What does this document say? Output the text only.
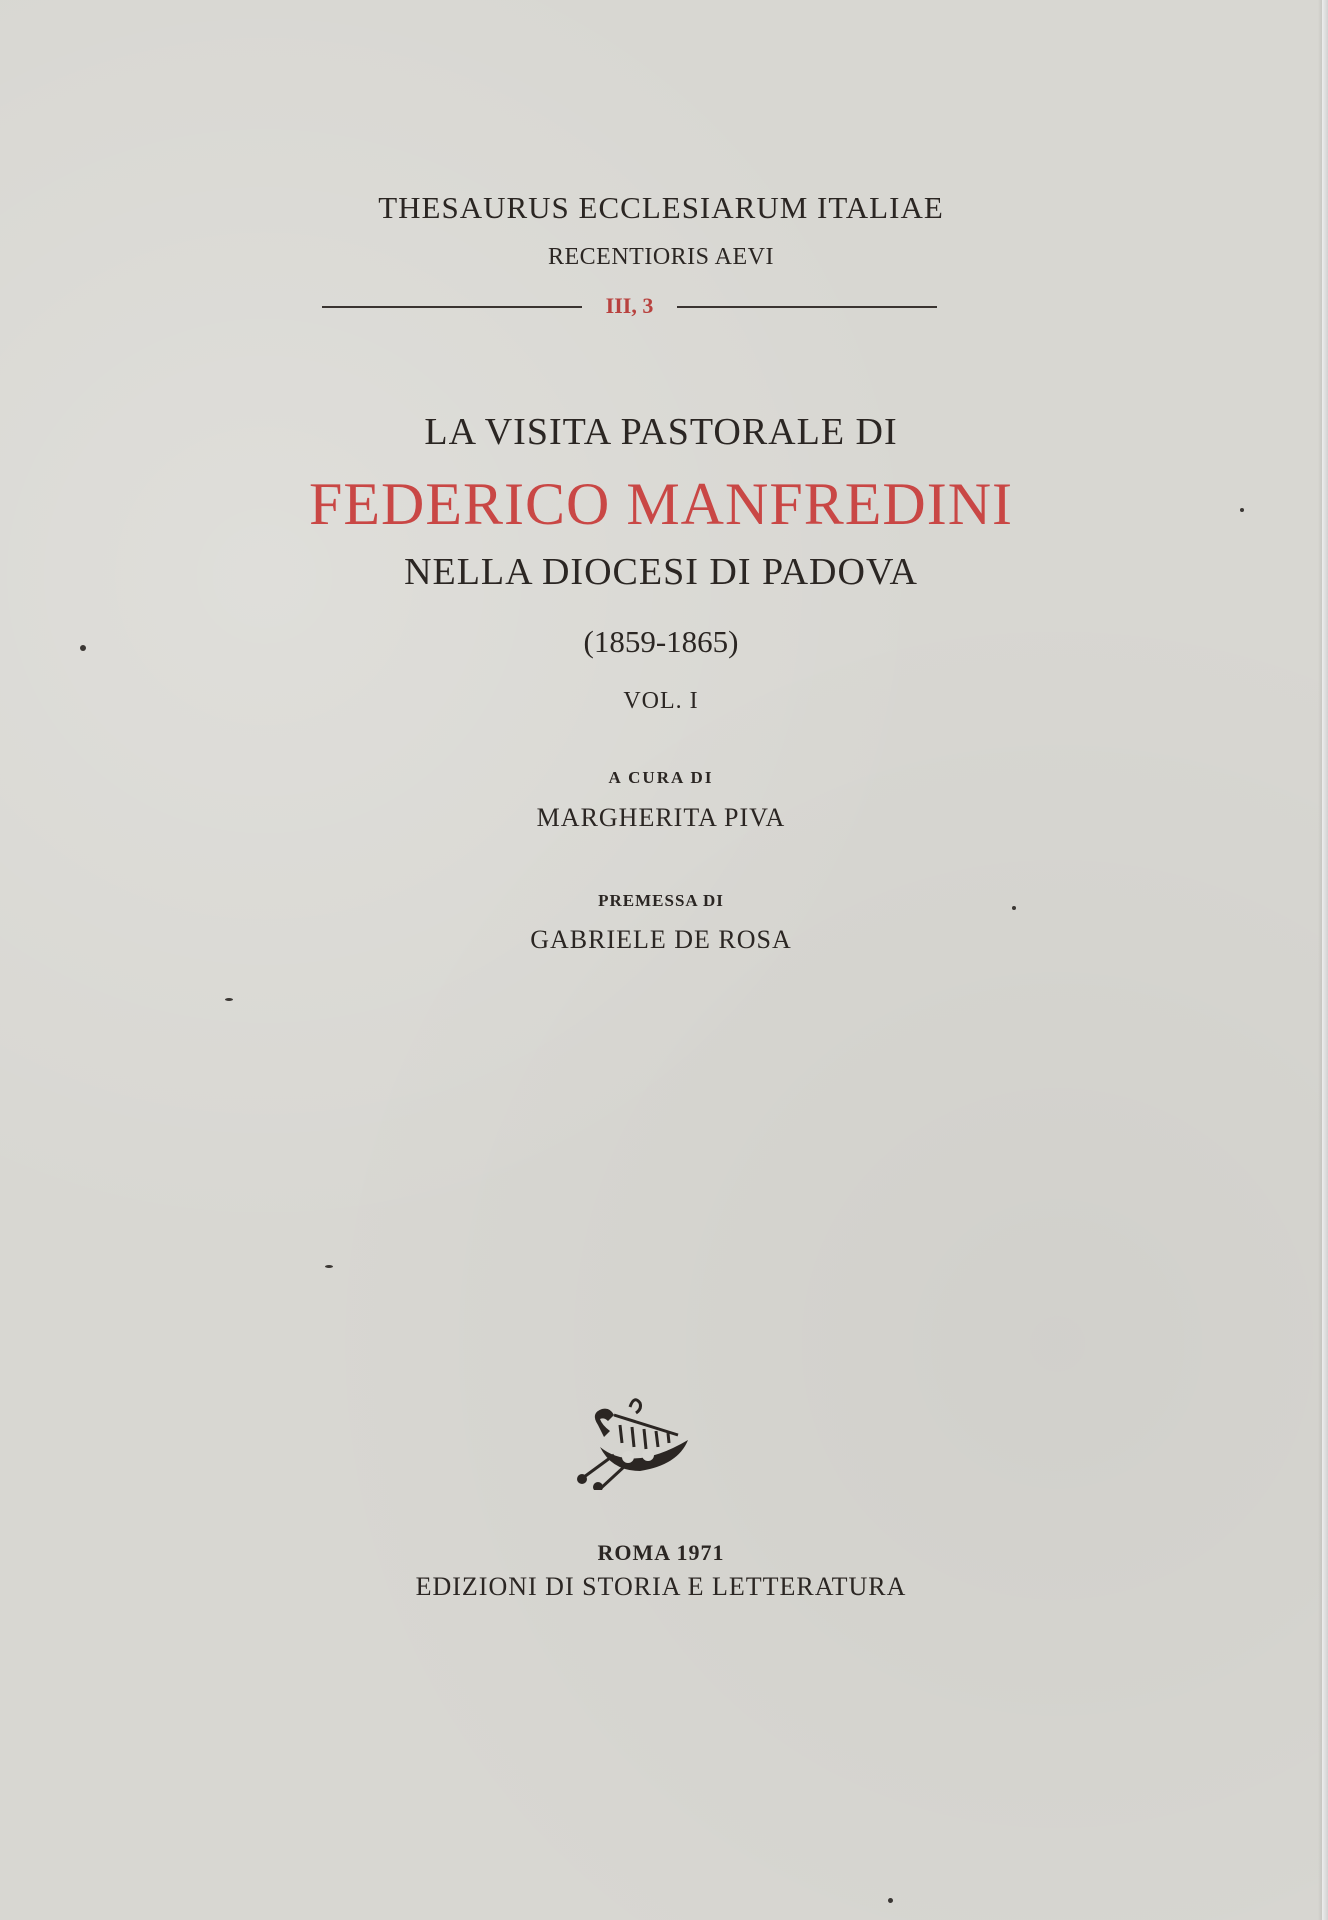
THESAURUS ECCLESIARUM ITALIAE

RECENTIORIS AEVI

III, 3

LA VISITA PASTORALE DI

FEDERICO MANFREDINI

NELLA DIOCESI DI PADOVA

(1859-1865)

VOL. I

A CURA DI

MARGHERITA PIVA

PREMESSA DI

GABRIELE DE ROSA

ROMA 1971

EDIZIONI DI STORIA E LETTERATURA
